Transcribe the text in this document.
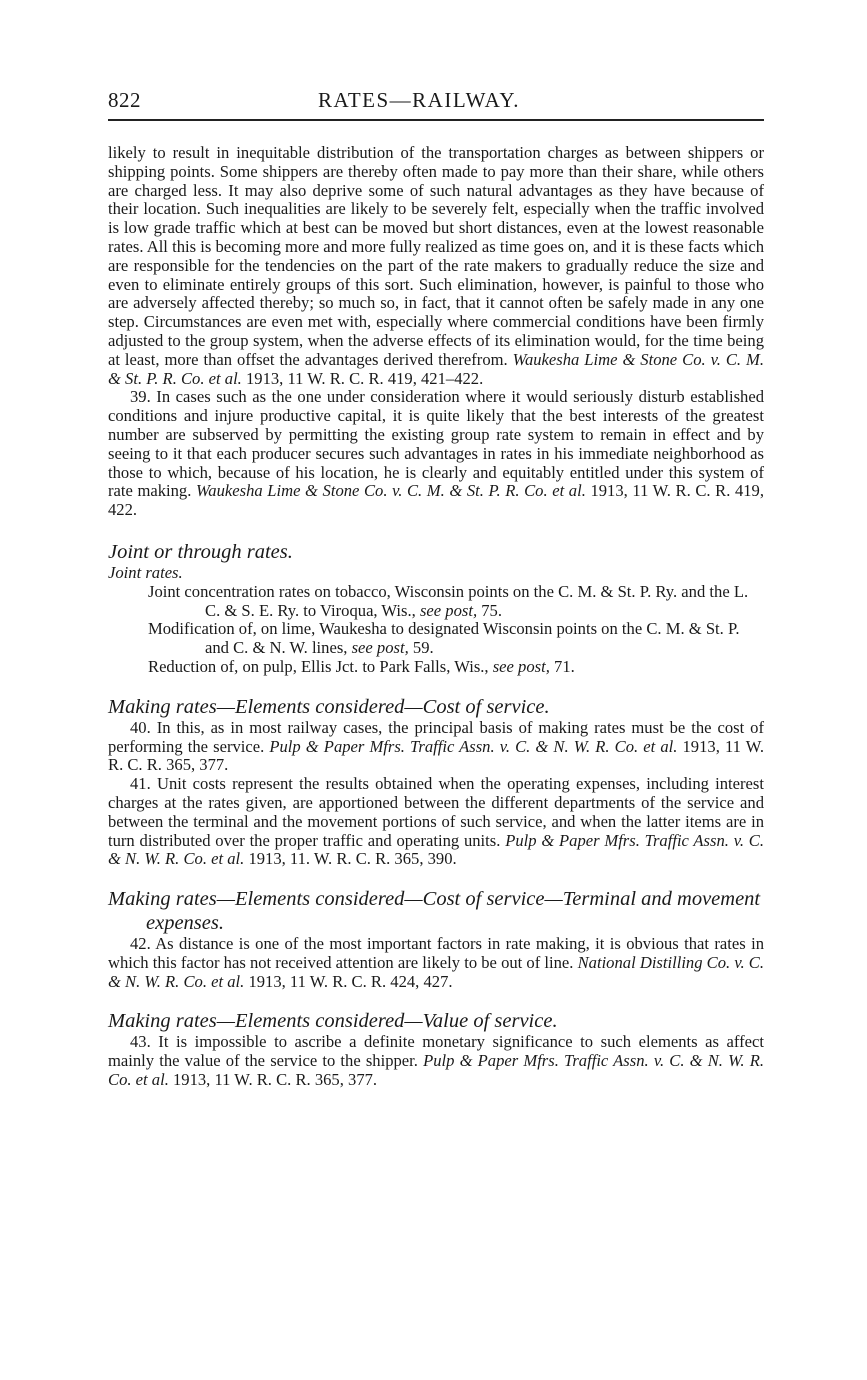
822	RATES—RAILWAY.

likely to result in inequitable distribution of the transportation charges as between shippers or shipping points. Some shippers are thereby often made to pay more than their share, while others are charged less. It may also deprive some of such natural advantages as they have because of their location. Such inequalities are likely to be severely felt, especially when the traffic involved is low grade traffic which at best can be moved but short distances, even at the lowest reasonable rates. All this is becoming more and more fully realized as time goes on, and it is these facts which are responsible for the tendencies on the part of the rate makers to gradually reduce the size and even to eliminate entirely groups of this sort. Such elimination, however, is painful to those who are adversely affected thereby; so much so, in fact, that it cannot often be safely made in any one step. Circumstances are even met with, especially where commercial conditions have been firmly adjusted to the group system, when the adverse effects of its elimination would, for the time being at least, more than offset the advantages derived therefrom. Waukesha Lime & Stone Co. v. C. M. & St. P. R. Co. et al. 1913, 11 W. R. C. R. 419, 421–422.

39. In cases such as the one under consideration where it would seriously disturb established conditions and injure productive capital, it is quite likely that the best interests of the greatest number are subserved by permitting the existing group rate system to remain in effect and by seeing to it that each producer secures such advantages in rates in his immediate neighborhood as those to which, because of his location, he is clearly and equitably entitled under this system of rate making. Waukesha Lime & Stone Co. v. C. M. & St. P. R. Co. et al. 1913, 11 W. R. C. R. 419, 422.

Joint or through rates.
Joint rates.

Joint concentration rates on tobacco, Wisconsin points on the C. M. & St. P. Ry. and the L. C. & S. E. Ry. to Viroqua, Wis., see post, 75.

Modification of, on lime, Waukesha to designated Wisconsin points on the C. M. & St. P. and C. & N. W. lines, see post, 59.

Reduction of, on pulp, Ellis Jct. to Park Falls, Wis., see post, 71.

Making rates—Elements considered—Cost of service.

40. In this, as in most railway cases, the principal basis of making rates must be the cost of performing the service. Pulp & Paper Mfrs. Traffic Assn. v. C. & N. W. R. Co. et al. 1913, 11 W. R. C. R. 365, 377.

41. Unit costs represent the results obtained when the operating expenses, including interest charges at the rates given, are apportioned between the different departments of the service and between the terminal and the movement portions of such service, and when the latter items are in turn distributed over the proper traffic and operating units. Pulp & Paper Mfrs. Traffic Assn. v. C. & N. W. R. Co. et al. 1913, 11. W. R. C. R. 365, 390.

Making rates—Elements considered—Cost of service—Terminal and movement expenses.

42. As distance is one of the most important factors in rate making, it is obvious that rates in which this factor has not received attention are likely to be out of line. National Distilling Co. v. C. & N. W. R. Co. et al. 1913, 11 W. R. C. R. 424, 427.

Making rates—Elements considered—Value of service.

43. It is impossible to ascribe a definite monetary significance to such elements as affect mainly the value of the service to the shipper. Pulp & Paper Mfrs. Traffic Assn. v. C. & N. W. R. Co. et al. 1913, 11 W. R. C. R. 365, 377.
